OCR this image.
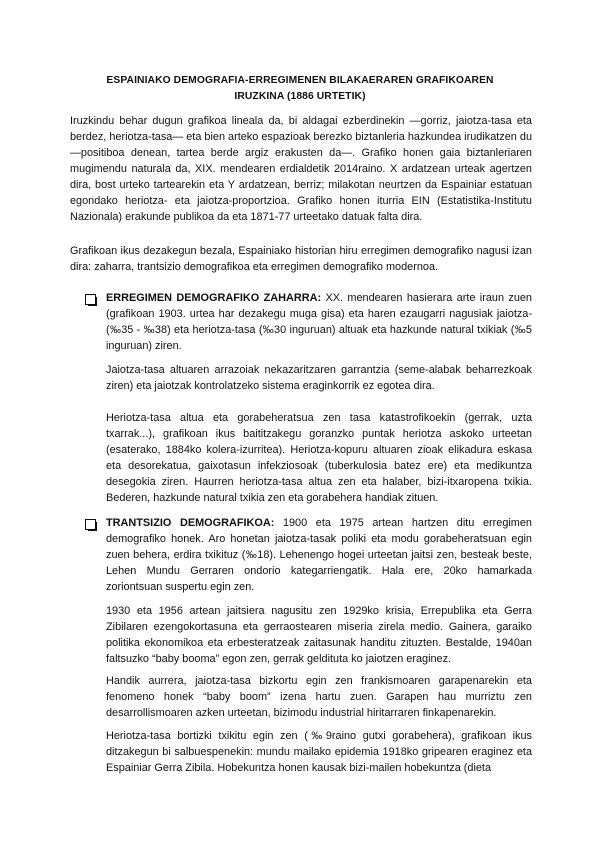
ESPAINIAKO DEMOGRAFIA-ERREGIMENEN BILAKAERAREN GRAFIKOAREN IRUZKINA (1886 URTETIK)
Iruzkindu behar dugun grafikoa lineala da, bi aldagai ezberdinekin —gorriz, jaiotza-tasa eta berdez, heriotza-tasa— eta bien arteko espazioak berezko biztanleria hazkundea irudikatzen du —positiboa denean, tartea berde argiz erakusten da—. Grafiko honen gaia biztanleriaren mugimendu naturala da, XIX. mendearen erdialdetik 2014raino. X ardatzean urteak agertzen dira, bost urteko tartearekin eta Y ardatzean, berriz; milakotan neurtzen da Espainiar estatuan egondako heriotza- eta jaiotza-proportzioa. Grafiko honen iturria EIN (Estatistika-Institutu Nazionala) erakunde publikoa da eta 1871-77 urteetako datuak falta dira.
Grafikoan ikus dezakegun bezala, Espainiako historian hiru erregimen demografiko nagusi izan dira: zaharra, trantsizio demografikoa eta erregimen demografiko modernoa.
ERREGIMEN DEMOGRAFIKO ZAHARRA: XX. mendearen hasierara arte iraun zuen (grafikoan 1903. urtea har dezakegu muga gisa) eta haren ezaugarri nagusiak jaiotza- (‰35 - ‰38) eta heriotza-tasa (‰30 inguruan) altuak eta hazkunde natural txikiak (‰5 inguruan) ziren.
Jaiotza-tasa altuaren arrazoiak nekazaritzaren garrantzia (seme-alabak beharrezkoak ziren) eta jaiotzak kontrolatzeko sistema eraginkorrik ez egotea dira.
Heriotza-tasa altua eta gorabeheratsua zen tasa katastrofikoekin (gerrak, uzta txarrak...), grafikoan ikus baititzakegu goranzko puntak heriotza askoko urteetan (esaterako, 1884ko kolera-izurritea). Heriotza-kopuru altuaren zioak elikadura eskasa eta desorekatua, gaixotasun infekziosoak (tuberkulosia batez ere) eta medikuntza desegokia ziren. Haurren heriotza-tasa altua zen eta halaber, bizi-itxaropena txikia. Bederen, hazkunde natural txikia zen eta gorabehera handiak zituen.
TRANTSIZIO DEMOGRAFIKOA: 1900 eta 1975 artean hartzen ditu erregimen demografiko honek. Aro honetan jaiotza-tasak poliki eta modu gorabeheratsuan egin zuen behera, erdira txikituz (‰18). Lehenengo hogei urteetan jaitsi zen, besteak beste, Lehen Mundu Gerraren ondorio kategarriengatik. Hala ere, 20ko hamarkada zoriontsuan suspertu egin zen.
1930 eta 1956 artean jaitsiera nagusitu zen 1929ko krisia, Errepublika eta Gerra Zibilaren ezengokortasuna eta gerraostearen miseria zirela medio. Gainera, garaiko politika ekonomikoa eta erbesteratzeak zaitasunak handitu zituzten. Bestalde, 1940an faltsuzko “baby booma” egon zen, gerrak geldituta ko jaiotzen eraginez.
Handik aurrera, jaiotza-tasa bizkortu egin zen frankismoaren garapenarekin eta fenomeno honek “baby boom” izena hartu zuen. Garapen hau murriztu zen desarrollismoaren azken urteetan, bizimodu industrial hiritarraren finkapenarekin.
Heriotza-tasa bortizki txikitu egin zen (‰9raino gutxi gorabehera), grafikoan ikus ditzakegun bi salbuespenekin: mundu mailako epidemia 1918ko gripearen eraginez eta Espainiar Gerra Zibila. Hobekuntza honen kausak bizi-mailen hobekuntza (dieta
